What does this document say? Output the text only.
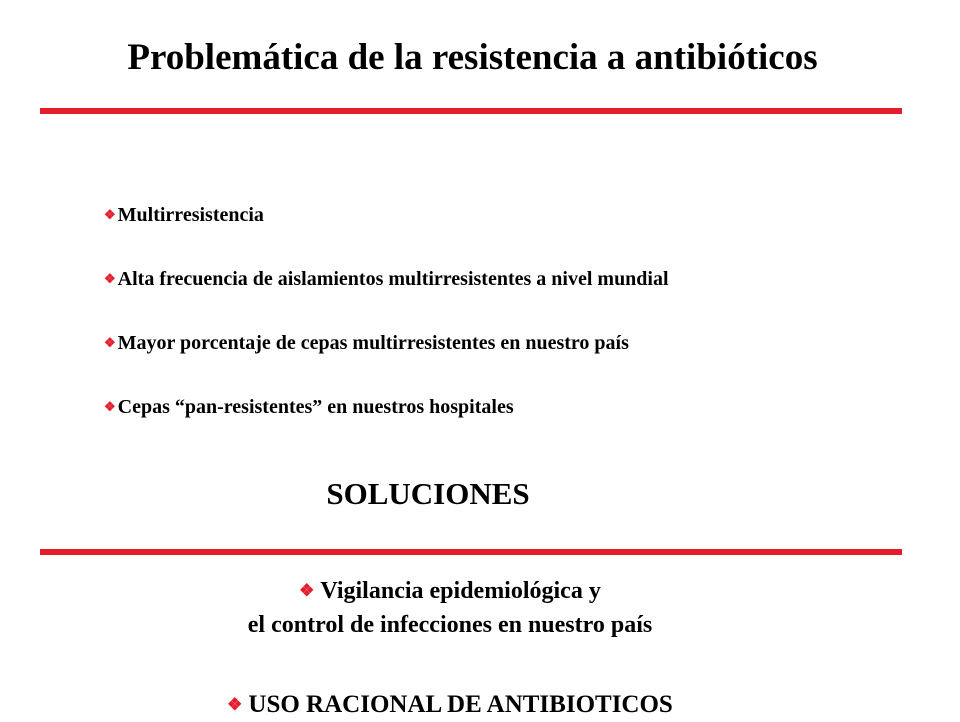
Problemática de la resistencia a antibióticos
❖ Multirresistencia
❖ Alta frecuencia de aislamientos multirresistentes a nivel mundial
❖ Mayor porcentaje de cepas multirresistentes en nuestro país
❖ Cepas “pan-resistentes” en nuestros hospitales
SOLUCIONES
❖ Vigilancia epidemiológica y
el control de infecciones en nuestro país
❖ USO RACIONAL DE ANTIBIOTICOS
